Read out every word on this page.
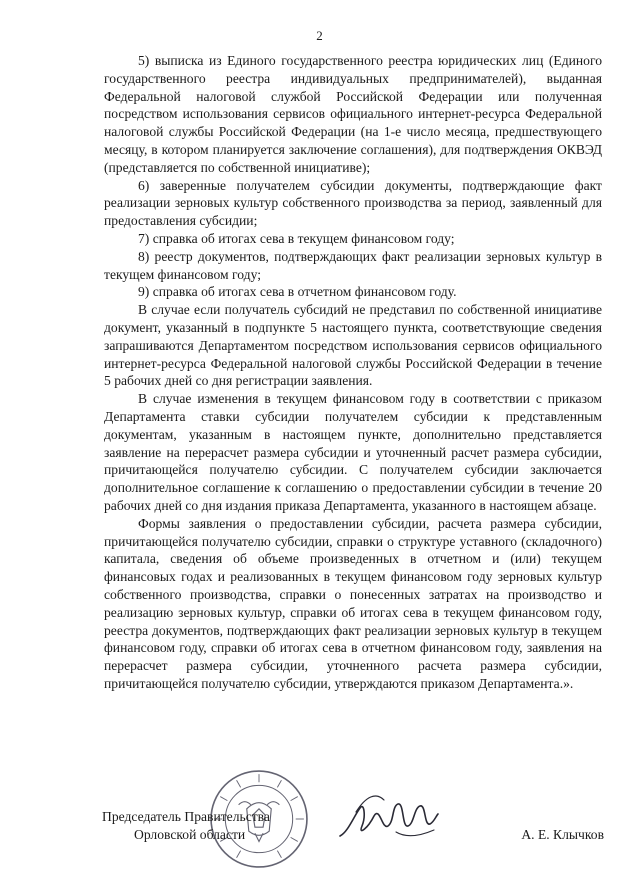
2

5) выписка из Единого государственного реестра юридических лиц (Единого государственного реестра индивидуальных предпринимателей), выданная Федеральной налоговой службой Российской Федерации или полученная посредством использования сервисов официального интернет-ресурса Федеральной налоговой службы Российской Федерации (на 1-е число месяца, предшествующего месяцу, в котором планируется заключение соглашения), для подтверждения ОКВЭД (представляется по собственной инициативе);

6) заверенные получателем субсидии документы, подтверждающие факт реализации зерновых культур собственного производства за период, заявленный для предоставления субсидии;

7) справка об итогах сева в текущем финансовом году;

8) реестр документов, подтверждающих факт реализации зерновых культур в текущем финансовом году;

9) справка об итогах сева в отчетном финансовом году.

В случае если получатель субсидий не представил по собственной инициативе документ, указанный в подпункте 5 настоящего пункта, соответствующие сведения запрашиваются Департаментом посредством использования сервисов официального интернет-ресурса Федеральной налоговой службы Российской Федерации в течение 5 рабочих дней со дня регистрации заявления.

В случае изменения в текущем финансовом году в соответствии с приказом Департамента ставки субсидии получателем субсидии к представленным документам, указанным в настоящем пункте, дополнительно представляется заявление на перерасчет размера субсидии и уточненный расчет размера субсидии, причитающейся получателю субсидии. С получателем субсидии заключается дополнительное соглашение к соглашению о предоставлении субсидии в течение 20 рабочих дней со дня издания приказа Департамента, указанного в настоящем абзаце.

Формы заявления о предоставлении субсидии, расчета размера субсидии, причитающейся получателю субсидии, справки о структуре уставного (складочного) капитала, сведения об объеме произведенных в отчетном и (или) текущем финансовых годах и реализованных в текущем финансовом году зерновых культур собственного производства, справки о понесенных затратах на производство и реализацию зерновых культур, справки об итогах сева в текущем финансовом году, реестра документов, подтверждающих факт реализации зерновых культур в текущем финансовом году, справки об итогах сева в отчетном финансовом году, заявления на перерасчет размера субсидии, уточненного расчета размера субсидии, причитающейся получателю субсидии, утверждаются приказом Департамента.».

Председатель Правительства
Орловской области	А. Е. Клычков
